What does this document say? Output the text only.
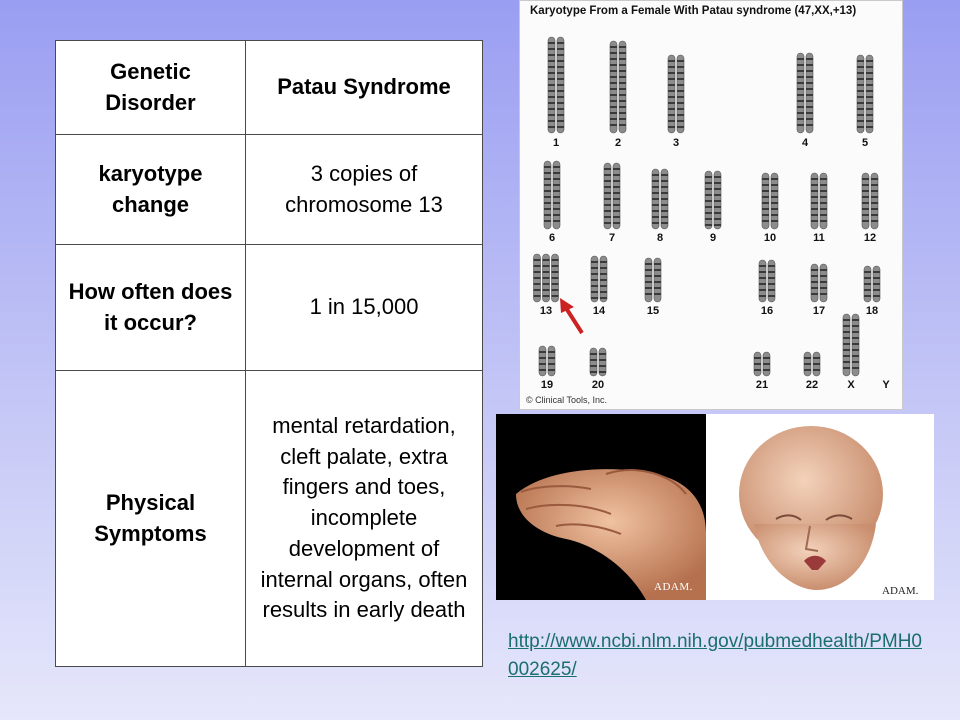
Genetic Disorder	Patau Syndrome
karyotype change	3 copies of chromosome 13
How often does it occur?	1 in 15,000
Physical Symptoms	mental retardation, cleft palate, extra fingers and toes, incomplete development of internal organs, often results in early death
Karyotype From a Female With Patau syndrome (47,XX,+13)
1	2	3	4	5
6	7	8	9	10	11	12
13	14	15	16	17	18
19	20	21	22	X	Y
© Clinical Tools, Inc.
ADAM.	ADAM.
http://www.ncbi.nlm.nih.gov/pubmedhealth/PMH0002625/
